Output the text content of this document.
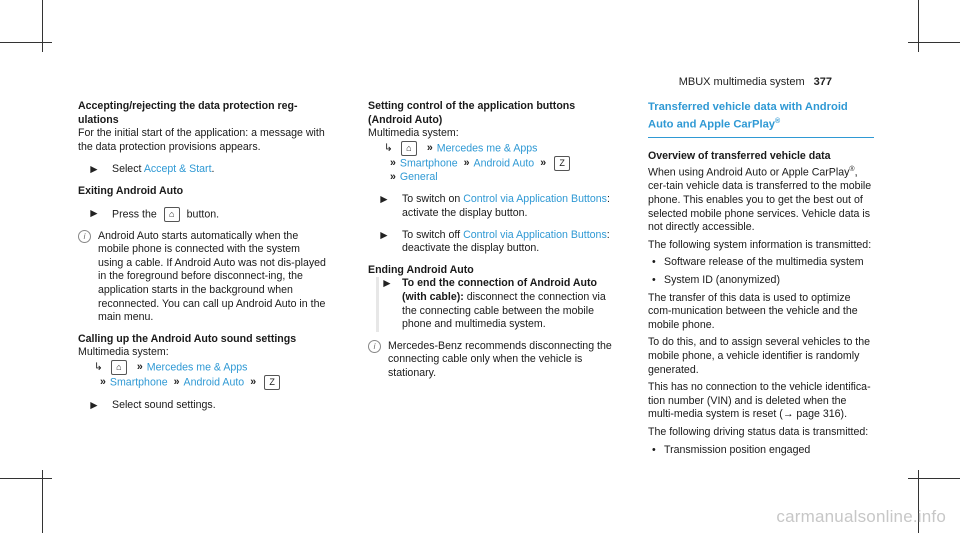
MBUX multimedia system 377
Accepting/rejecting the data protection reg-ulations

For the initial start of the application: a message with the data protection provisions appears.

► Select Accept & Start.
Exiting Android Auto
► Press the ⌂ button.
i	Android Auto starts automatically when the mobile phone is connected with the system using a cable. If Android Auto was not dis-played in the foreground before disconnect-ing, the application starts in the background when reconnected. You can call up Android Auto in the main menu.
Calling up the Android Auto sound settings
Multimedia system:
↳ ⌂ » Mercedes me & Apps
» Smartphone » Android Auto » Z
► Select sound settings.
Setting control of the application buttons (Android Auto)
Multimedia system:
↳ ⌂ » Mercedes me & Apps
» Smartphone » Android Auto » Z
» General
► To switch on Control via Application Buttons: activate the display button.
► To switch off Control via Application Buttons: deactivate the display button.
Ending Android Auto
► To end the connection of Android Auto (with cable): disconnect the connection via the connecting cable between the mobile phone and multimedia system.
i	Mercedes-Benz recommends disconnecting the connecting cable only when the vehicle is stationary.
Transferred vehicle data with Android Auto and Apple CarPlay®
Overview of transferred vehicle data

When using Android Auto or Apple CarPlay®, cer-tain vehicle data is transferred to the mobile phone. This enables you to get the best out of selected mobile phone services. Vehicle data is not directly accessible.

The following system information is transmitted:

• Software release of the multimedia system
• System ID (anonymized)

The transfer of this data is used to optimize com-munication between the vehicle and the mobile phone.

To do this, and to assign several vehicles to the mobile phone, a vehicle identifier is randomly generated.

This has no connection to the vehicle identifica-tion number (VIN) and is deleted when the multi-media system is reset (→ page 316).

The following driving status data is transmitted:

• Transmission position engaged
carmanualsonline.info
